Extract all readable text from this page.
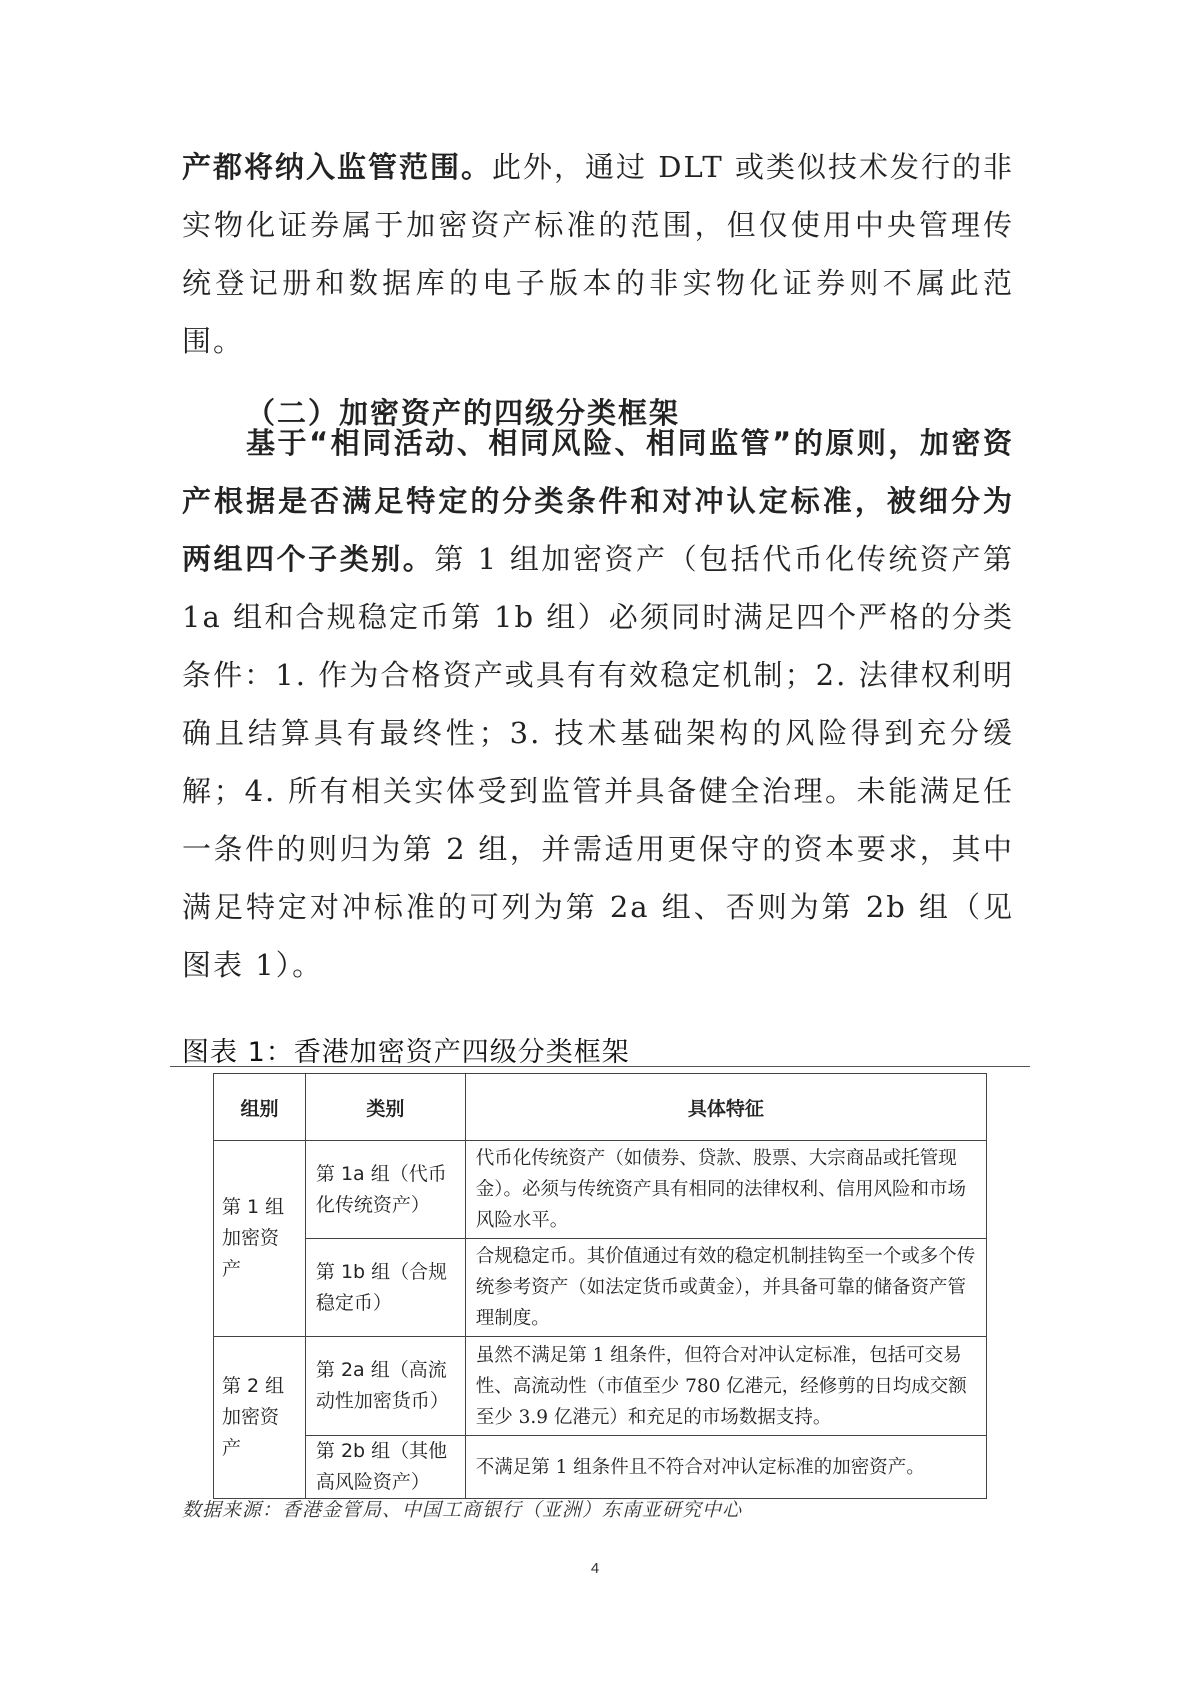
产都将纳入监管范围。此外，通过 DLT 或类似技术发行的非实物化证券属于加密资产标准的范围，但仅使用中央管理传统登记册和数据库的电子版本的非实物化证券则不属此范围。
（二）加密资产的四级分类框架
基于“相同活动、相同风险、相同监管”的原则，加密资产根据是否满足特定的分类条件和对冲认定标准，被细分为两组四个子类别。第 1 组加密资产（包括代币化传统资产第 1a 组和合规稳定币第 1b 组）必须同时满足四个严格的分类条件：1. 作为合格资产或具有有效稳定机制；2. 法律权利明确且结算具有最终性；3. 技术基础架构的风险得到充分缓解；4. 所有相关实体受到监管并具备健全治理。未能满足任一条件的则归为第 2 组，并需适用更保守的资本要求，其中满足特定对冲标准的可列为第 2a 组、否则为第 2b 组（见图表 1）。
图表 1：香港加密资产四级分类框架
组别	类别	具体特征
第 1 组加密资产	第 1a 组（代币化传统资产）	代币化传统资产（如债券、贷款、股票、大宗商品或托管现金）。必须与传统资产具有相同的法律权利、信用风险和市场风险水平。
	第 1b 组（合规稳定币）	合规稳定币。其价值通过有效的稳定机制挂钩至一个或多个传统参考资产（如法定货币或黄金），并具备可靠的储备资产管理制度。
第 2 组加密资产	第 2a 组（高流动性加密货币）	虽然不满足第 1 组条件，但符合对冲认定标准，包括可交易性、高流动性（市值至少 780 亿港元，经修剪的日均成交额至少 3.9 亿港元）和充足的市场数据支持。
	第 2b 组（其他高风险资产）	不满足第 1 组条件且不符合对冲认定标准的加密资产。
数据来源：香港金管局、中国工商银行（亚洲）东南亚研究中心
4
